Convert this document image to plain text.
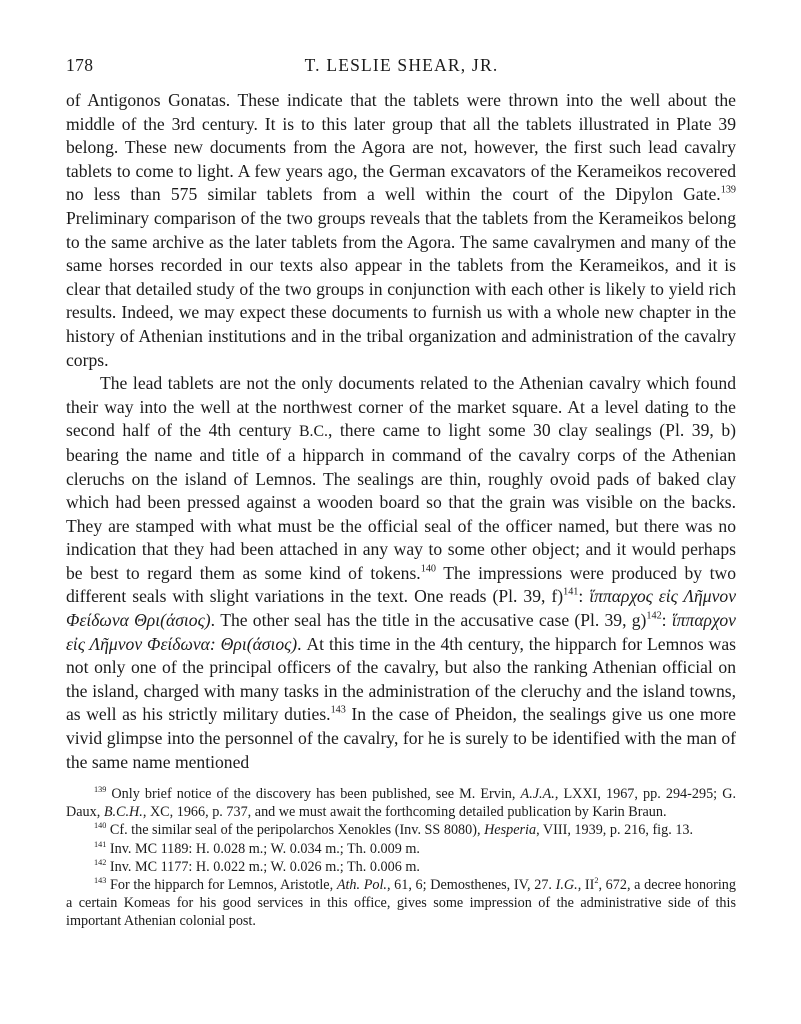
178	T. LESLIE SHEAR, JR.

of Antigonos Gonatas. These indicate that the tablets were thrown into the well about the middle of the 3rd century. It is to this later group that all the tablets illustrated in Plate 39 belong. These new documents from the Agora are not, however, the first such lead cavalry tablets to come to light. A few years ago, the German excavators of the Kerameikos recovered no less than 575 similar tablets from a well within the court of the Dipylon Gate.$^{139}$ Preliminary comparison of the two groups reveals that the tablets from the Kerameikos belong to the same archive as the later tablets from the Agora. The same cavalrymen and many of the same horses recorded in our texts also appear in the tablets from the Kerameikos, and it is clear that detailed study of the two groups in conjunction with each other is likely to yield rich results. Indeed, we may expect these documents to furnish us with a whole new chapter in the history of Athenian institutions and in the tribal organization and administration of the cavalry corps.

The lead tablets are not the only documents related to the Athenian cavalry which found their way into the well at the northwest corner of the market square. At a level dating to the second half of the 4th century B.C., there came to light some 30 clay sealings (Pl. 39, b) bearing the name and title of a hipparch in command of the cavalry corps of the Athenian cleruchs on the island of Lemnos. The sealings are thin, roughly ovoid pads of baked clay which had been pressed against a wooden board so that the grain was visible on the backs. They are stamped with what must be the official seal of the officer named, but there was no indication that they had been attached in any way to some other object; and it would perhaps be best to regard them as some kind of tokens.$^{140}$ The impressions were produced by two different seals with slight variations in the text. One reads (Pl. 39, f)$^{141}$: ἵππαρχος εἰς Λῆμνον Φείδωνα Θρι(άσιος). The other seal has the title in the accusative case (Pl. 39, g)$^{142}$: ἵππαρχον εἰς Λῆμνον Φείδωνα: Θρι(άσιος). At this time in the 4th century, the hipparch for Lemnos was not only one of the principal officers of the cavalry, but also the ranking Athenian official on the island, charged with many tasks in the administration of the cleruchy and the island towns, as well as his strictly military duties.$^{143}$ In the case of Pheidon, the sealings give us one more vivid glimpse into the personnel of the cavalry, for he is surely to be identified with the man of the same name mentioned

$^{139}$ Only brief notice of the discovery has been published, see M. Ervin, A.J.A., LXXI, 1967, pp. 294-295; G. Daux, B.C.H., XC, 1966, p. 737, and we must await the forthcoming detailed publication by Karin Braun.

$^{140}$ Cf. the similar seal of the peripolarchos Xenokles (Inv. SS 8080), Hesperia, VIII, 1939, p. 216, fig. 13.

$^{141}$ Inv. MC 1189: H. 0.028 m.; W. 0.034 m.; Th. 0.009 m.

$^{142}$ Inv. MC 1177: H. 0.022 m.; W. 0.026 m.; Th. 0.006 m.

$^{143}$ For the hipparch for Lemnos, Aristotle, Ath. Pol., 61, 6; Demosthenes, IV, 27. I.G., $II^2$, 672, a decree honoring a certain Komeas for his good services in this office, gives some impression of the administrative side of this important Athenian colonial post.
